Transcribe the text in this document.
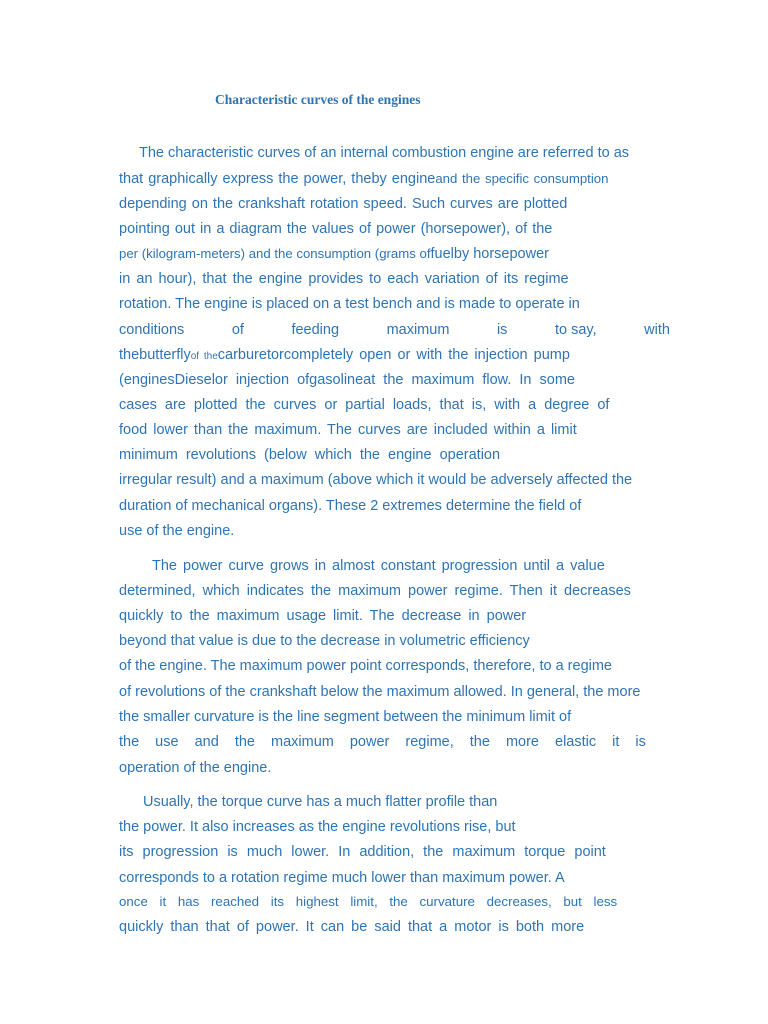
Characteristic curves of the engines
The characteristic curves of an internal combustion engine are referred to as
that graphically express the power, theby engineand the specific consumption
depending on the crankshaft rotation speed. Such curves are plotted
pointing out in a diagram the values of power (horsepower), of the
per (kilogram-meters) and the consumption (grams offuelby horsepower
in an hour), that the engine provides to each variation of its regime
rotation. The engine is placed on a test bench and is made to operate in
conditions	of	feeding	maximum	is	to say,	with
thebutterflyof thecarburetorcompletely open or with the injection pump
(enginesDieselor injection ofgasolineat the maximum flow. In some
cases are plotted the curves or partial loads, that is, with a degree of
food lower than the maximum. The curves are included within a limit
minimum revolutions (below which the engine operation
irregular result) and a maximum (above which it would be adversely affected the
duration of mechanical organs). These 2 extremes determine the field of
use of the engine.
The power curve grows in almost constant progression until a value
determined, which indicates the maximum power regime. Then it decreases
quickly to the maximum usage limit. The decrease in power
beyond that value is due to the decrease in volumetric efficiency
of the engine. The maximum power point corresponds, therefore, to a regime
of revolutions of the crankshaft below the maximum allowed. In general, the more
the smaller curvature is the line segment between the minimum limit of
the use and the maximum power regime, the more elastic it is
operation of the engine.
Usually, the torque curve has a much flatter profile than
the power. It also increases as the engine revolutions rise, but
its progression is much lower. In addition, the maximum torque point
corresponds to a rotation regime much lower than maximum power. A
once it has reached its highest limit, the curvature decreases, but less
quickly than that of power. It can be said that a motor is both more
